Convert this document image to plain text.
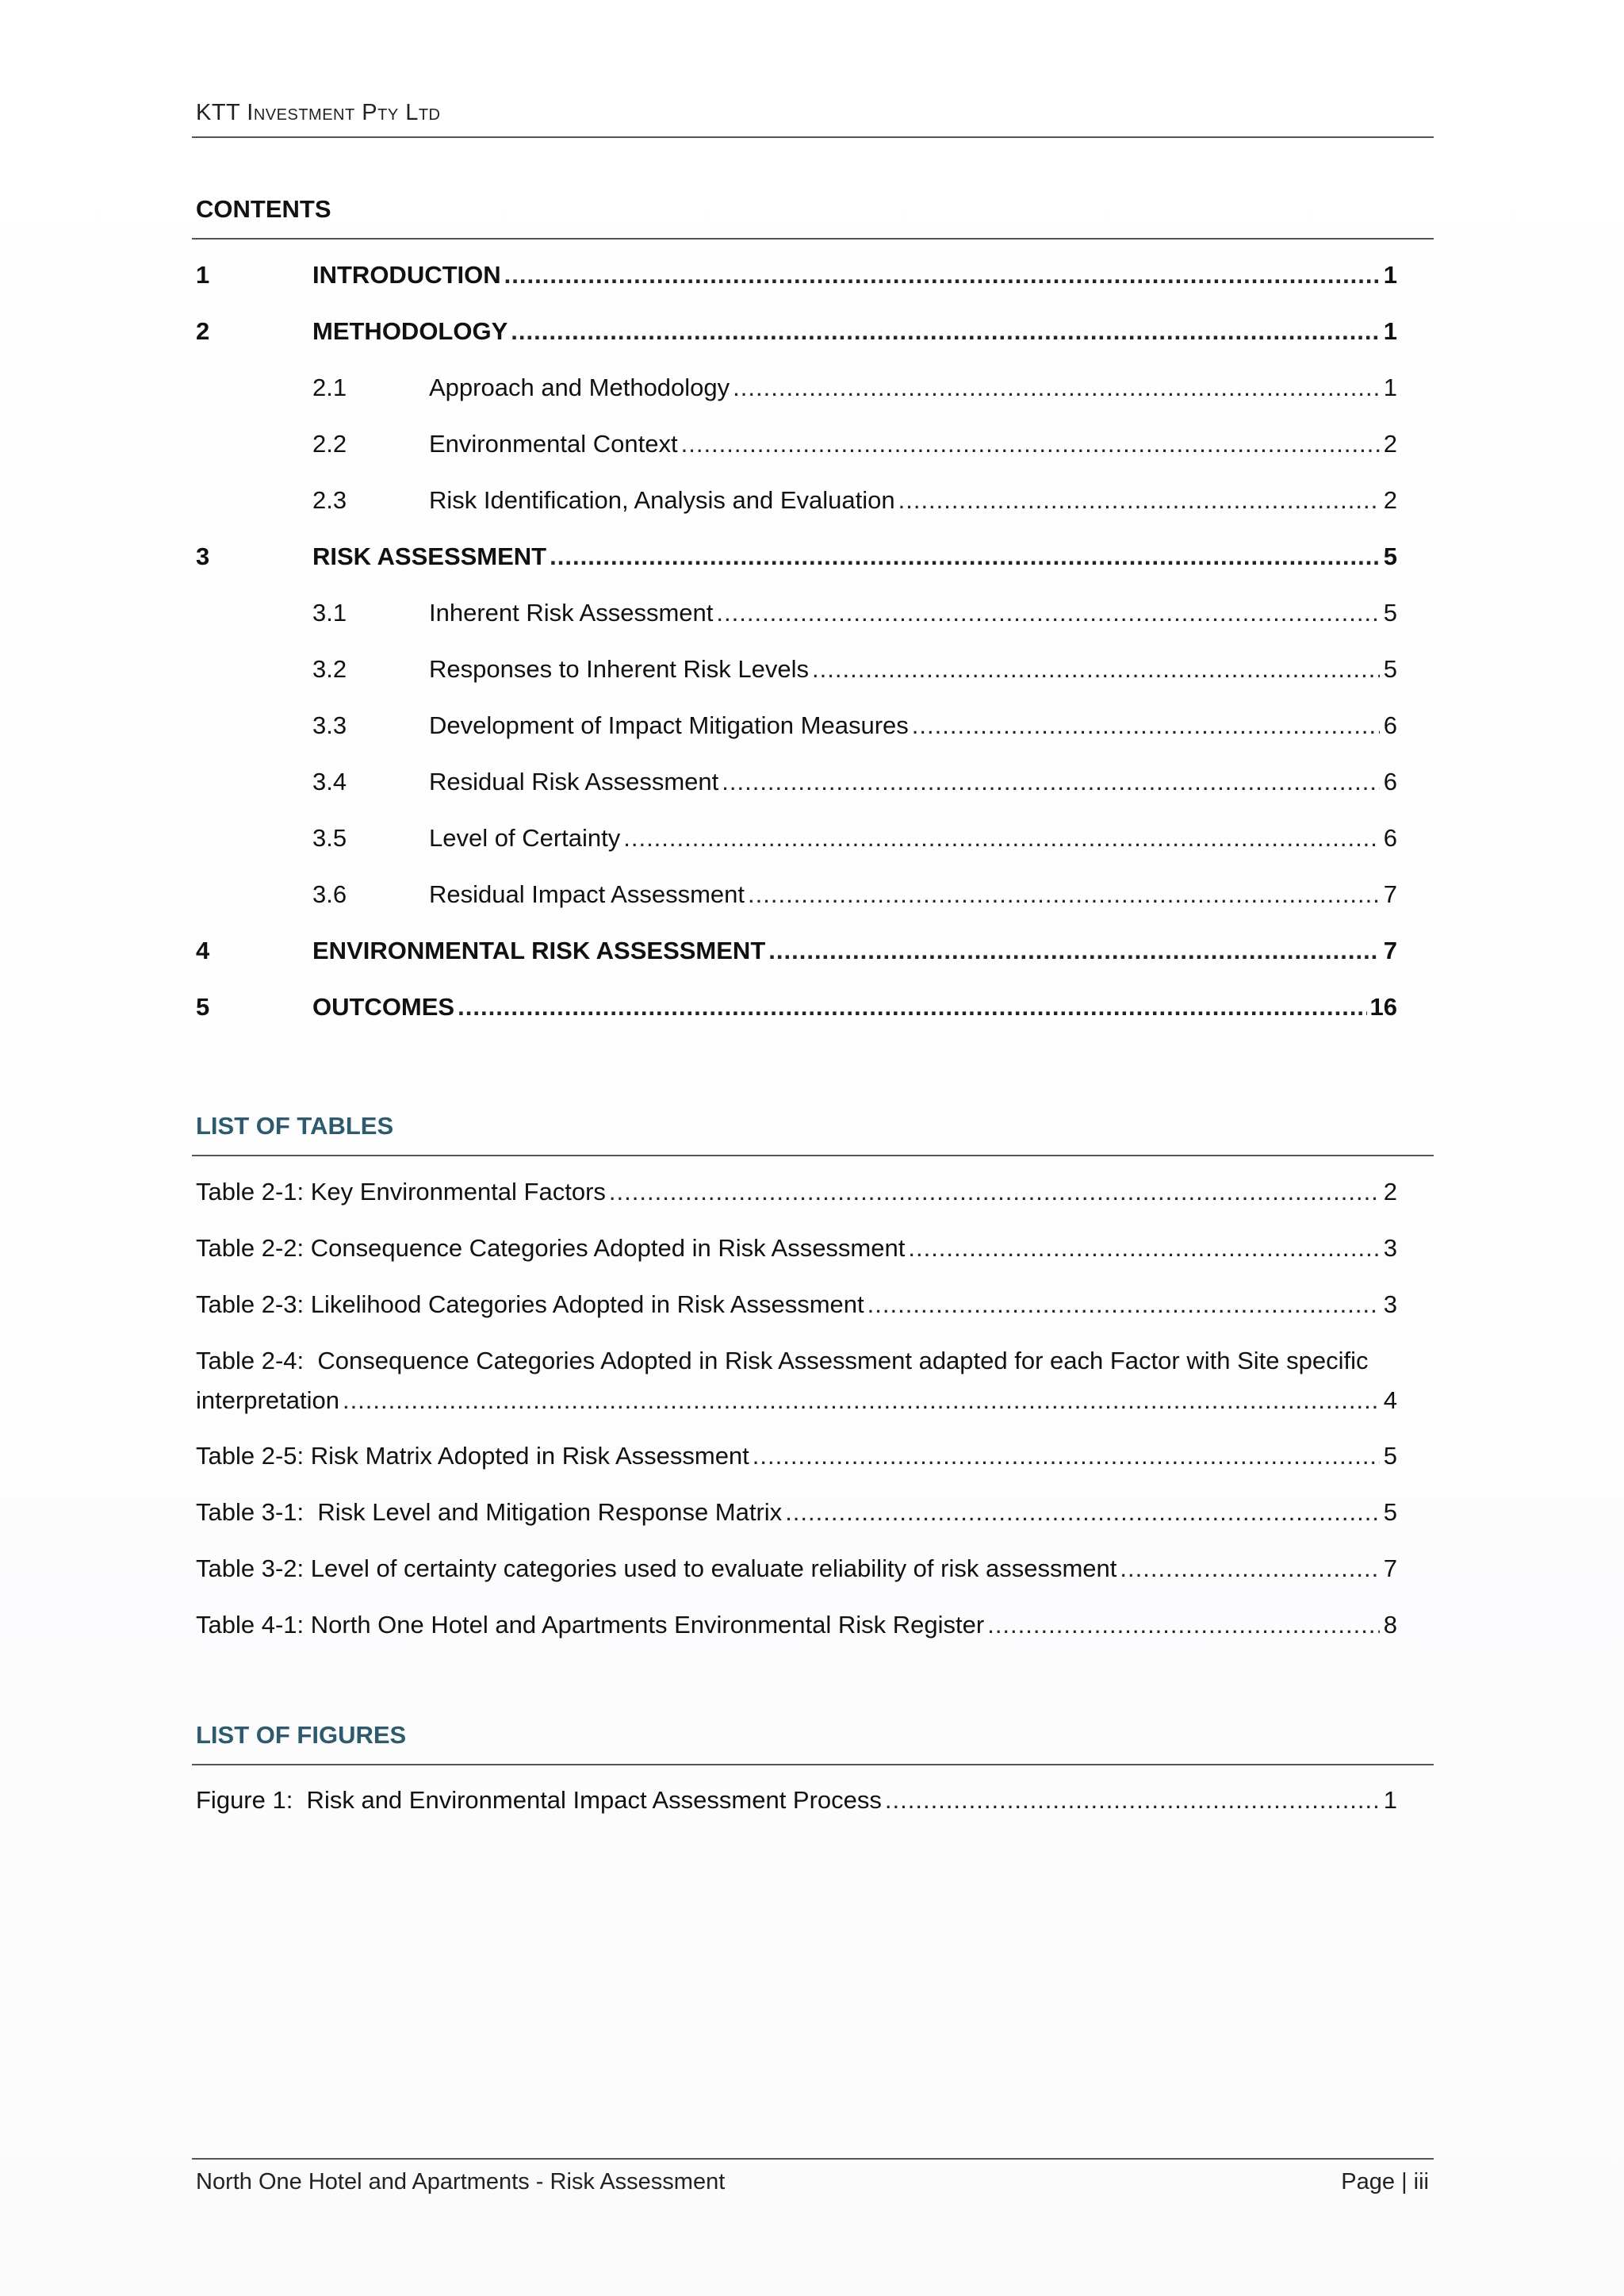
KTT Investment Pty Ltd
CONTENTS
1	INTRODUCTION .....	1
2	METHODOLOGY .....	1
2.1	Approach and Methodology .....	1
2.2	Environmental Context .....	2
2.3	Risk Identification, Analysis and Evaluation .....	2
3	RISK ASSESSMENT .....	5
3.1	Inherent Risk Assessment .....	5
3.2	Responses to Inherent Risk Levels .....	5
3.3	Development of Impact Mitigation Measures .....	6
3.4	Residual Risk Assessment .....	6
3.5	Level of Certainty .....	6
3.6	Residual Impact Assessment .....	7
4	ENVIRONMENTAL RISK ASSESSMENT .....	7
5	OUTCOMES .....	16
LIST OF TABLES
Table 2-1: Key Environmental Factors .....	2
Table 2-2: Consequence Categories Adopted in Risk Assessment .....	3
Table 2-3: Likelihood Categories Adopted in Risk Assessment .....	3
Table 2-4:  Consequence Categories Adopted in Risk Assessment adapted for each Factor with Site specific
interpretation .....	4
Table 2-5: Risk Matrix Adopted in Risk Assessment .....	5
Table 3-1:  Risk Level and Mitigation Response Matrix .....	5
Table 3-2: Level of certainty categories used to evaluate reliability of risk assessment .....	7
Table 4-1: North One Hotel and Apartments Environmental Risk Register .....	8
LIST OF FIGURES
Figure 1:  Risk and Environmental Impact Assessment Process .....	1
North One Hotel and Apartments - Risk Assessment	Page | iii
